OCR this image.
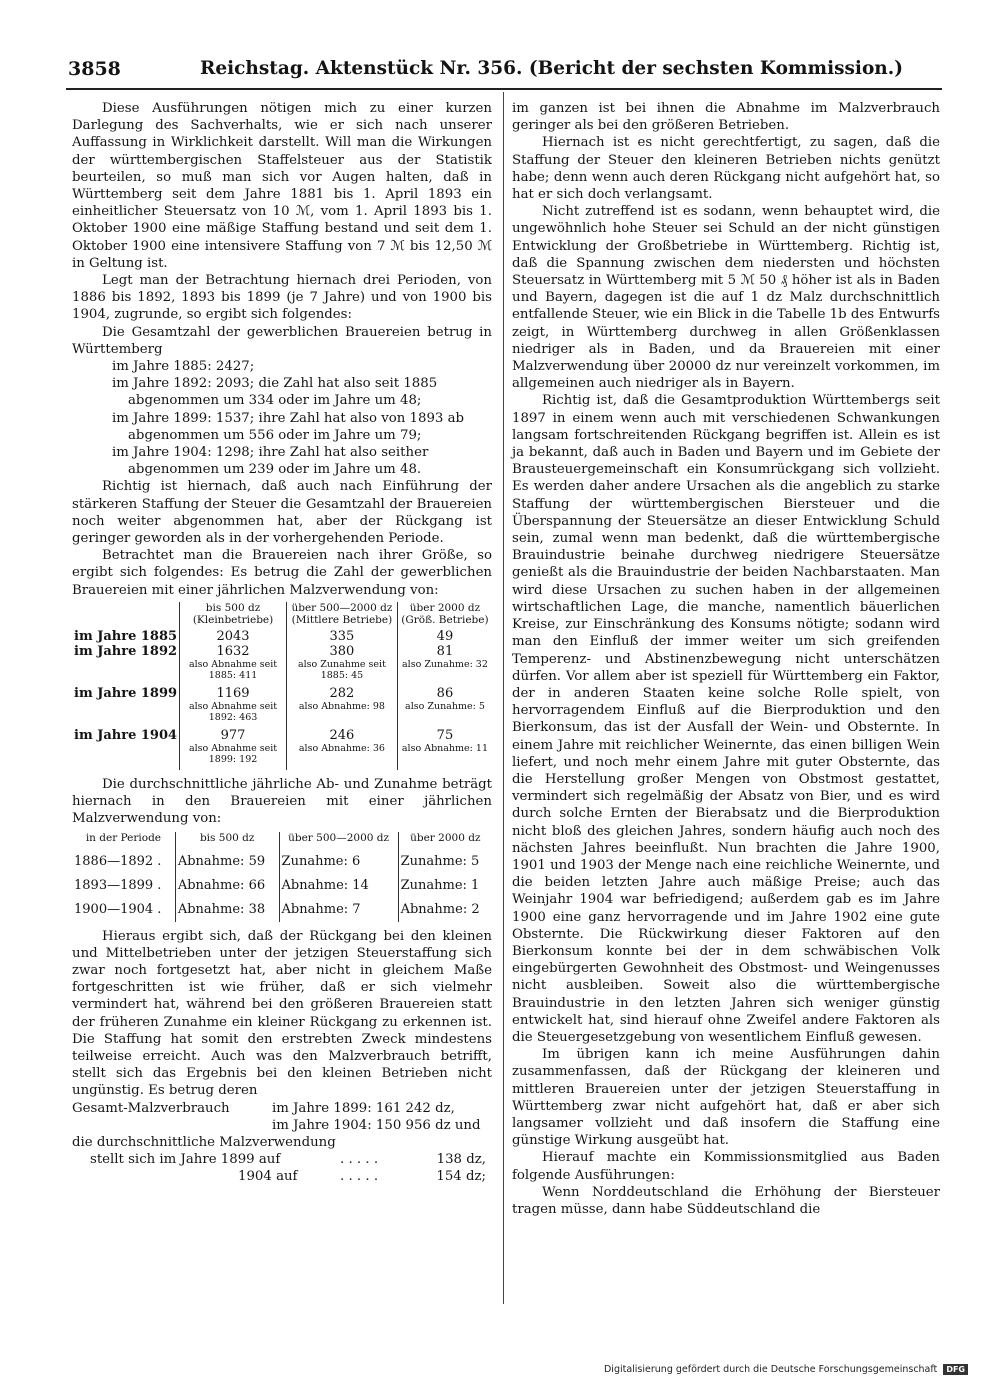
3858	Reichstag. Aktenstück Nr. 356. (Bericht der sechsten Kommission.)

Diese Ausführungen nötigen mich zu einer kurzen Darlegung des Sachverhalts, wie er sich nach unserer Auffassung in Wirklichkeit darstellt. Will man die Wirkungen der württembergischen Staffelsteuer aus der Statistik beurteilen, so muß man sich vor Augen halten, daß in Württemberg seit dem Jahre 1881 bis 1. April 1893 ein einheitlicher Steuersatz von 10 ℳ, vom 1. April 1893 bis 1. Oktober 1900 eine mäßige Staffung bestand und seit dem 1. Oktober 1900 eine intensivere Staffung von 7 ℳ bis 12,50 ℳ in Geltung ist.

Legt man der Betrachtung hiernach drei Perioden, von 1886 bis 1892, 1893 bis 1899 (je 7 Jahre) und von 1900 bis 1904, zugrunde, so ergibt sich folgendes:

Die Gesamtzahl der gewerblichen Brauereien betrug in Württemberg

im Jahre 1885: 2427;
im Jahre 1892: 2093; die Zahl hat also seit 1885 abgenommen um 334 oder im Jahre um 48;
im Jahre 1899: 1537; ihre Zahl hat also von 1893 ab abgenommen um 556 oder im Jahre um 79;
im Jahre 1904: 1298; ihre Zahl hat also seither abgenommen um 239 oder im Jahre um 48.

Richtig ist hiernach, daß auch nach Einführung der stärkeren Staffung der Steuer die Gesamtzahl der Brauereien noch weiter abgenommen hat, aber der Rückgang ist geringer geworden als in der vorhergehenden Periode.

Betrachtet man die Brauereien nach ihrer Größe, so ergibt sich folgendes: Es betrug die Zahl der gewerblichen Brauereien mit einer jährlichen Malzverwendung von:

	bis 500 dz (Kleinbetriebe)	über 500—2000 dz (Mittlere Betriebe)	über 2000 dz (Größ. Betriebe)
im Jahre 1885	2043	335	49
im Jahre 1892	1632	380	81
	also Abnahme seit 1885: 411	also Zunahme seit 1885: 45	also Zunahme: 32
im Jahre 1899	1169	282	86
	also Abnahme seit 1892: 463	also Abnahme: 98	also Zunahme: 5
im Jahre 1904	977	246	75
	also Abnahme seit 1899: 192	also Abnahme: 36	also Abnahme: 11

Die durchschnittliche jährliche Ab- und Zunahme beträgt hiernach in den Brauereien mit einer jährlichen Malzverwendung von:

in der Periode	bis 500 dz	über 500—2000 dz	über 2000 dz
1886—1892 .	Abnahme: 59	Zunahme: 6	Zunahme: 5
1893—1899 .	Abnahme: 66	Abnahme: 14	Zunahme: 1
1900—1904 .	Abnahme: 38	Abnahme: 7	Abnahme: 2

Hieraus ergibt sich, daß der Rückgang bei den kleinen und Mittelbetrieben unter der jetzigen Steuerstaffung sich zwar noch fortgesetzt hat, aber nicht in gleichem Maße fortgeschritten ist wie früher, daß er sich vielmehr vermindert hat, während bei den größeren Brauereien statt der früheren Zunahme ein kleiner Rückgang zu erkennen ist. Die Staffung hat somit den erstrebten Zweck mindestens teilweise erreicht. Auch was den Malzverbrauch betrifft, stellt sich das Ergebnis bei den kleinen Betrieben nicht ungünstig. Es betrug deren

Gesamt-Malzverbrauch	im Jahre 1899: 161 242 dz,
im Jahre 1904: 150 956 dz und
die durchschnittliche Malzverwendung
stellt sich im Jahre 1899 auf	. . . . .	138 dz,
1904 auf	. . . . .	154 dz;

im ganzen ist bei ihnen die Abnahme im Malzverbrauch geringer als bei den größeren Betrieben.

Hiernach ist es nicht gerechtfertigt, zu sagen, daß die Staffung der Steuer den kleineren Betrieben nichts genützt habe; denn wenn auch deren Rückgang nicht aufgehört hat, so hat er sich doch verlangsamt.

Nicht zutreffend ist es sodann, wenn behauptet wird, die ungewöhnlich hohe Steuer sei Schuld an der nicht günstigen Entwicklung der Großbetriebe in Württemberg. Richtig ist, daß die Spannung zwischen dem niedersten und höchsten Steuersatz in Württemberg mit 5 ℳ 50 ₰ höher ist als in Baden und Bayern, dagegen ist die auf 1 dz Malz durchschnittlich entfallende Steuer, wie ein Blick in die Tabelle 1b des Entwurfs zeigt, in Württemberg durchweg in allen Größenklassen niedriger als in Baden, und da Brauereien mit einer Malzverwendung über 20000 dz nur vereinzelt vorkommen, im allgemeinen auch niedriger als in Bayern.

Richtig ist, daß die Gesamtproduktion Württembergs seit 1897 in einem wenn auch mit verschiedenen Schwankungen langsam fortschreitenden Rückgang begriffen ist. Allein es ist ja bekannt, daß auch in Baden und Bayern und im Gebiete der Brausteuergemeinschaft ein Konsumrückgang sich vollzieht. Es werden daher andere Ursachen als die angeblich zu starke Staffung der württembergischen Biersteuer und die Überspannung der Steuersätze an dieser Entwicklung Schuld sein, zumal wenn man bedenkt, daß die württembergische Brauindustrie beinahe durchweg niedrigere Steuersätze genießt als die Brauindustrie der beiden Nachbarstaaten. Man wird diese Ursachen zu suchen haben in der allgemeinen wirtschaftlichen Lage, die manche, namentlich bäuerlichen Kreise, zur Einschränkung des Konsums nötigte; sodann wird man den Einfluß der immer weiter um sich greifenden Temperenz- und Abstinenzbewegung nicht unterschätzen dürfen. Vor allem aber ist speziell für Württemberg ein Faktor, der in anderen Staaten keine solche Rolle spielt, von hervorragendem Einfluß auf die Bierproduktion und den Bierkonsum, das ist der Ausfall der Wein- und Obsternte. In einem Jahre mit reichlicher Weinernte, das einen billigen Wein liefert, und noch mehr einem Jahre mit guter Obsternte, das die Herstellung großer Mengen von Obstmost gestattet, vermindert sich regelmäßig der Absatz von Bier, und es wird durch solche Ernten der Bierabsatz und die Bierproduktion nicht bloß des gleichen Jahres, sondern häufig auch noch des nächsten Jahres beeinflußt. Nun brachten die Jahre 1900, 1901 und 1903 der Menge nach eine reichliche Weinernte, und die beiden letzten Jahre auch mäßige Preise; auch das Weinjahr 1904 war befriedigend; außerdem gab es im Jahre 1900 eine ganz hervorragende und im Jahre 1902 eine gute Obsternte. Die Rückwirkung dieser Faktoren auf den Bierkonsum konnte bei der in dem schwäbischen Volk eingebürgerten Gewohnheit des Obstmost- und Weingenusses nicht ausbleiben. Soweit also die württembergische Brauindustrie in den letzten Jahren sich weniger günstig entwickelt hat, sind hierauf ohne Zweifel andere Faktoren als die Steuergesetzgebung von wesentlichem Einfluß gewesen.

Im übrigen kann ich meine Ausführungen dahin zusammenfassen, daß der Rückgang der kleineren und mittleren Brauereien unter der jetzigen Steuerstaffung in Württemberg zwar nicht aufgehört hat, daß er aber sich langsamer vollzieht und daß insofern die Staffung eine günstige Wirkung ausgeübt hat.

Hierauf machte ein Kommissionsmitglied aus Baden folgende Ausführungen:

Wenn Norddeutschland die Erhöhung der Biersteuer tragen müsse, dann habe Süddeutschland die

Digitalisierung gefördert durch die Deutsche Forschungsgemeinschaft DFG
